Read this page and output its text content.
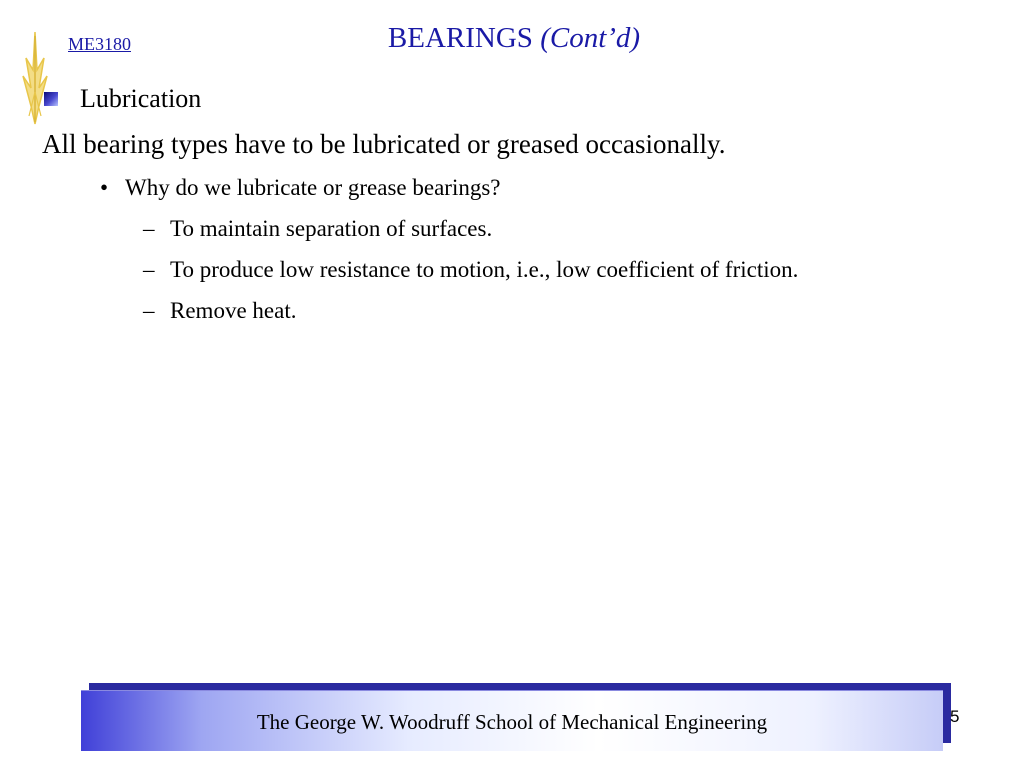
ME3180	BEARINGS (Cont’d)
Lubrication
All bearing types have to be lubricated or greased occasionally.
• Why do we lubricate or grease bearings?
– To maintain separation of surfaces.
– To produce low resistance to motion, i.e., low coefficient of friction.
– Remove heat.
The George W. Woodruff School of Mechanical Engineering	5
